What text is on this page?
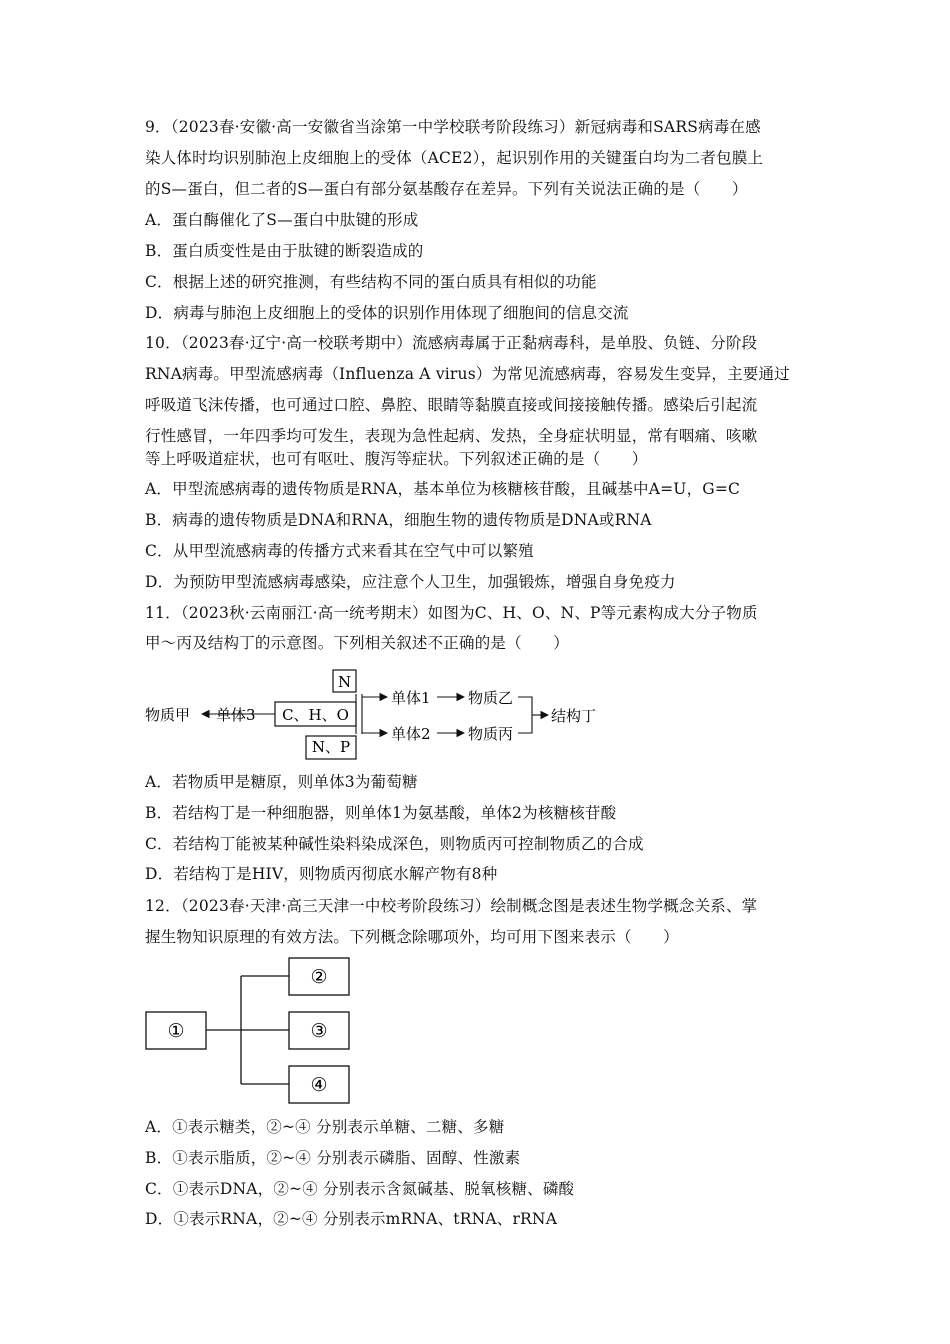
9．（2023春·安徽·高一安徽省当涂第一中学校联考阶段练习）新冠病毒和SARS病毒在感
染人体时均识别肺泡上皮细胞上的受体（ACE2），起识别作用的关键蛋白均为二者包膜上
的S—蛋白，但二者的S—蛋白有部分氨基酸存在差异。下列有关说法正确的是（　　）
A．蛋白酶催化了S—蛋白中肽键的形成
B．蛋白质变性是由于肽键的断裂造成的
C．根据上述的研究推测，有些结构不同的蛋白质具有相似的功能
D．病毒与肺泡上皮细胞上的受体的识别作用体现了细胞间的信息交流
10．（2023春·辽宁·高一校联考期中）流感病毒属于正黏病毒科，是单股、负链、分阶段
RNA病毒。甲型流感病毒（Influenza A virus）为常见流感病毒，容易发生变异，主要通过
呼吸道飞沫传播，也可通过口腔、鼻腔、眼睛等黏膜直接或间接接触传播。感染后引起流
行性感冒，一年四季均可发生，表现为急性起病、发热，全身症状明显，常有咽痛、咳嗽
等上呼吸道症状，也可有呕吐、腹泻等症状。下列叙述正确的是（　　）
A．甲型流感病毒的遗传物质是RNA，基本单位为核糖核苷酸，且碱基中A=U，G=C
B．病毒的遗传物质是DNA和RNA，细胞生物的遗传物质是DNA或RNA
C．从甲型流感病毒的传播方式来看其在空气中可以繁殖
D．为预防甲型流感病毒感染，应注意个人卫生，加强锻炼，增强自身免疫力
11．（2023秋·云南丽江·高一统考期末）如图为C、H、O、N、P等元素构成大分子物质
甲～丙及结构丁的示意图。下列相关叙述不正确的是（　　）
N
C、H、O
N、P
物质甲 单体3
单体1
单体2
物质乙
物质丙
结构丁
A．若物质甲是糖原，则单体3为葡萄糖
B．若结构丁是一种细胞器，则单体1为氨基酸，单体2为核糖核苷酸
C．若结构丁能被某种碱性染料染成深色，则物质丙可控制物质乙的合成
D．若结构丁是HIV，则物质丙彻底水解产物有8种
12．（2023春·天津·高三天津一中校考阶段练习）绘制概念图是表述生物学概念关系、掌
握生物知识原理的有效方法。下列概念除哪项外，均可用下图来表示（　　）
①
②
③
④
A．①表示糖类，②~④ 分别表示单糖、二糖、多糖
B．①表示脂质，②~④ 分别表示磷脂、固醇、性激素
C．①表示DNA，②~④ 分别表示含氮碱基、脱氧核糖、磷酸
D．①表示RNA，②~④ 分别表示mRNA、tRNA、rRNA
